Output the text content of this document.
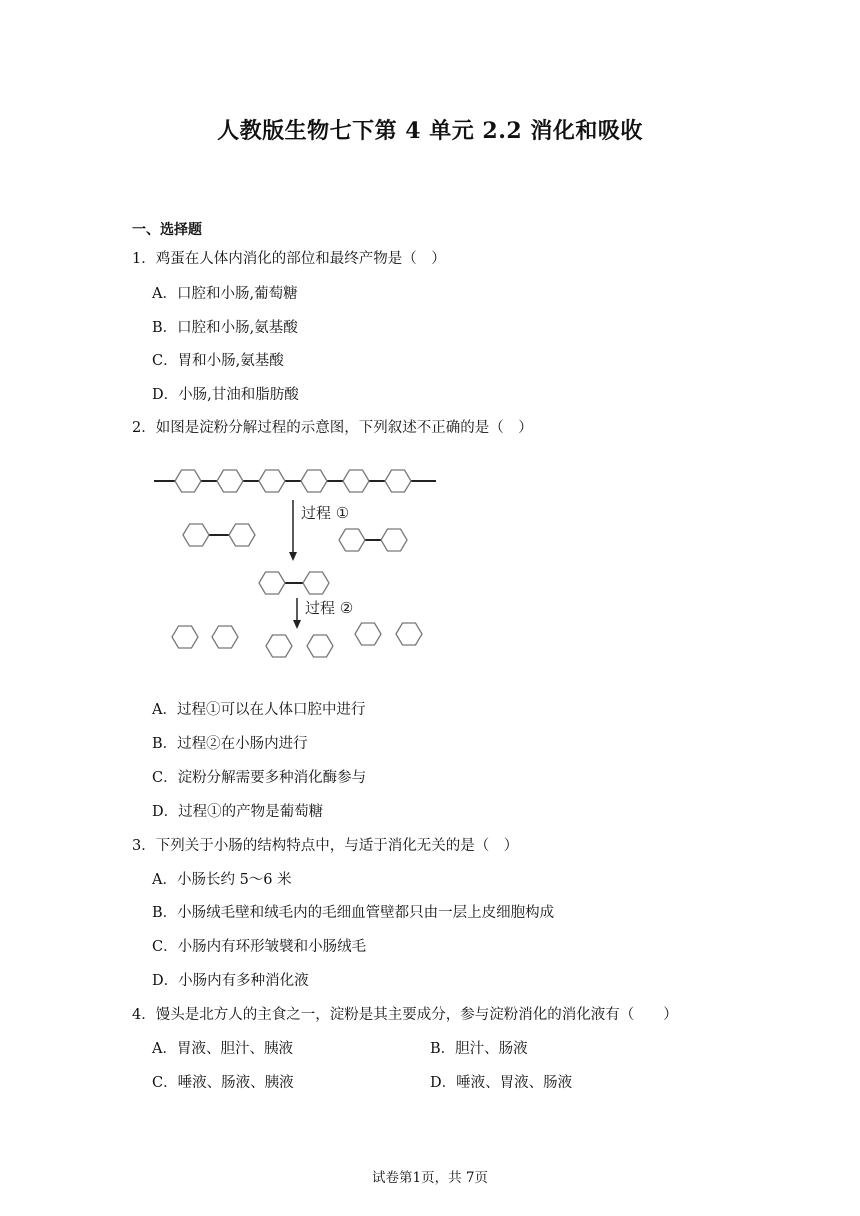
人教版生物七下第 4 单元 2.2 消化和吸收
一、选择题
1．鸡蛋在人体内消化的部位和最终产物是（　）
A．口腔和小肠,葡萄糖
B．口腔和小肠,氨基酸
C．胃和小肠,氨基酸
D．小肠,甘油和脂肪酸
2．如图是淀粉分解过程的示意图，下列叙述不正确的是（　）
过程 ①
过程 ②
A．过程①可以在人体口腔中进行
B．过程②在小肠内进行
C．淀粉分解需要多种消化酶参与
D．过程①的产物是葡萄糖
3．下列关于小肠的结构特点中，与适于消化无关的是（　）
A．小肠长约 5～6 米
B．小肠绒毛壁和绒毛内的毛细血管壁都只由一层上皮细胞构成
C．小肠内有环形皱襞和小肠绒毛
D．小肠内有多种消化液
4．馒头是北方人的主食之一，淀粉是其主要成分，参与淀粉消化的消化液有（　　）
A．胃液、胆汁、胰液	B．胆汁、肠液
C．唾液、肠液、胰液	D．唾液、胃液、肠液
试卷第1页，共 7页
